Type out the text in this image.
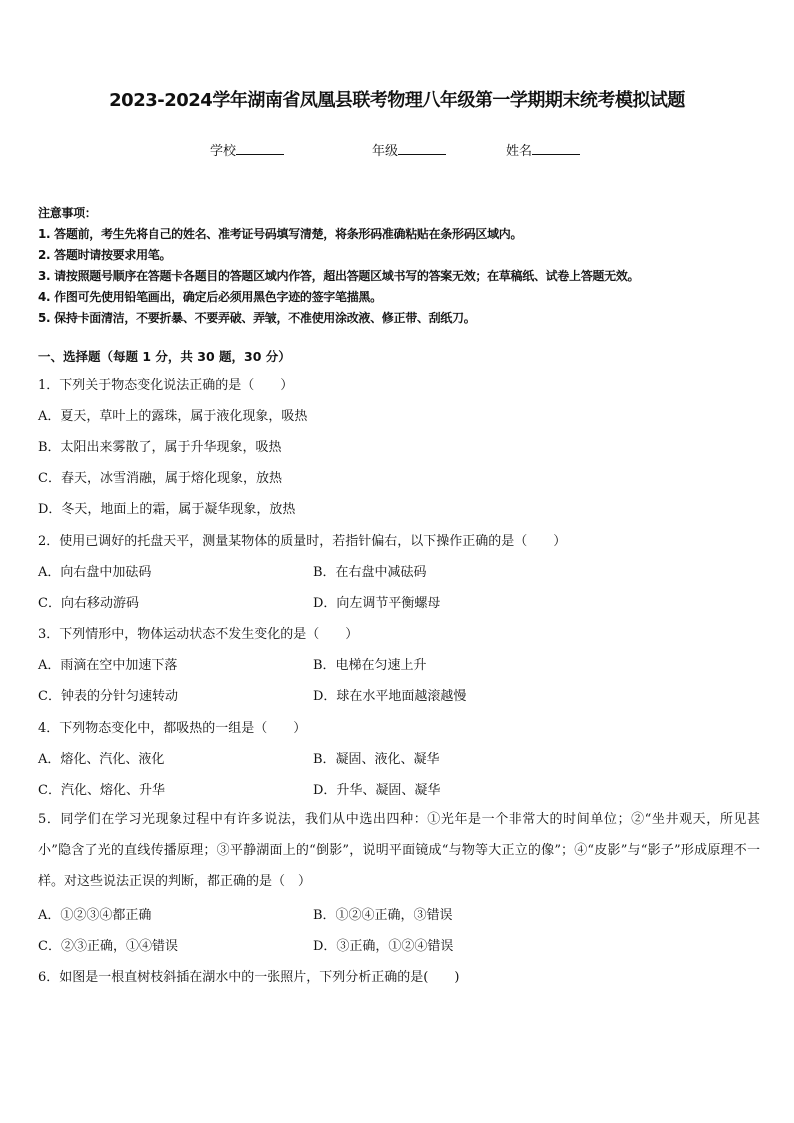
2023-2024学年湖南省凤凰县联考物理八年级第一学期期末统考模拟试题
学校	年级	姓名

注意事项：

1. 答题前，考生先将自己的姓名、准考证号码填写清楚，将条形码准确粘贴在条形码区域内。

2. 答题时请按要求用笔。

3. 请按照题号顺序在答题卡各题目的答题区域内作答，超出答题区域书写的答案无效；在草稿纸、试卷上答题无效。

4. 作图可先使用铅笔画出，确定后必须用黑色字迹的签字笔描黑。

5. 保持卡面清洁，不要折暴、不要弄破、弄皱，不准使用涂改液、修正带、刮纸刀。

一、选择题（每题 1 分，共 30 题，30 分）

1．下列关于物态变化说法正确的是（　　）

A．夏天，草叶上的露珠，属于液化现象，吸热

B．太阳出来雾散了，属于升华现象，吸热

C．春天，冰雪消融，属于熔化现象，放热

D．冬天，地面上的霜，属于凝华现象，放热

2．使用已调好的托盘天平，测量某物体的质量时，若指针偏右，以下操作正确的是（　　）

A．向右盘中加砝码	B．在右盘中减砝码

C．向右移动游码	D．向左调节平衡螺母

3．下列情形中，物体运动状态不发生变化的是（　　）

A．雨滴在空中加速下落	B．电梯在匀速上升

C．钟表的分针匀速转动	D．球在水平地面越滚越慢

4．下列物态变化中，都吸热的一组是（　　）

A．熔化、汽化、液化	B．凝固、液化、凝华

C．汽化、熔化、升华	D．升华、凝固、凝华

5．同学们在学习光现象过程中有许多说法，我们从中选出四种：①光年是一个非常大的时间单位；②“坐井观天，所见甚小”隐含了光的直线传播原理；③平静湖面上的“倒影”，说明平面镜成“与物等大正立的像”；④“皮影”与“影子”形成原理不一样。对这些说法正误的判断，都正确的是（　）

A．①②③④都正确	B．①②④正确，③错误

C．②③正确，①④错误	D．③正确，①②④错误

6．如图是一根直树枝斜插在湖水中的一张照片，下列分析正确的是(　　)
